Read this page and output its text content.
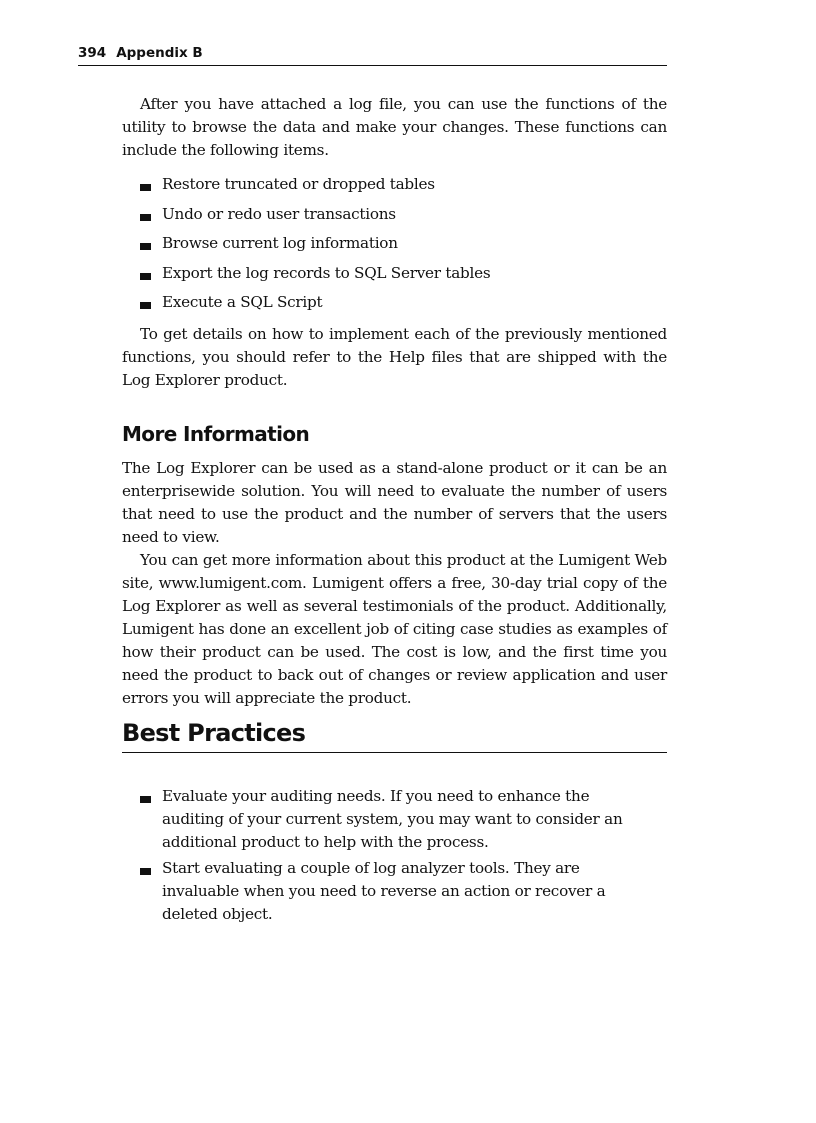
394 Appendix B

After you have attached a log file, you can use the functions of the utility to browse the data and make your changes. These functions can include the following items.

Restore truncated or dropped tables
Undo or redo user transactions
Browse current log information
Export the log records to SQL Server tables
Execute a SQL Script

To get details on how to implement each of the previously mentioned functions, you should refer to the Help files that are shipped with the Log Explorer product.

More Information

The Log Explorer can be used as a stand-alone product or it can be an enterprisewide solution. You will need to evaluate the number of users that need to use the product and the number of servers that the users need to view.

You can get more information about this product at the Lumigent Web site, www.lumigent.com. Lumigent offers a free, 30-day trial copy of the Log Explorer as well as several testimonials of the product. Additionally, Lumigent has done an excellent job of citing case studies as examples of how their product can be used. The cost is low, and the first time you need the product to back out of changes or review application and user errors you will appreciate the product.

Best Practices
Evaluate your auditing needs. If you need to enhance the auditing of your current system, you may want to consider an additional product to help with the process.
Start evaluating a couple of log analyzer tools. They are invaluable when you need to reverse an action or recover a deleted object.
